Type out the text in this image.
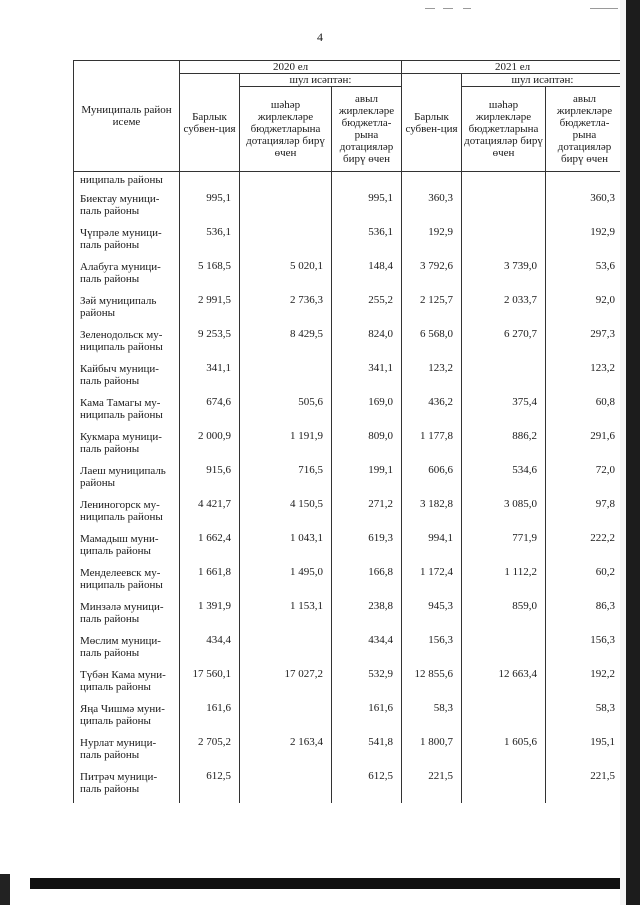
4
Муниципаль район исеме	2020 ел			2021 ел		
	Барлык субвен-ция	шул исәптән:		Барлык субвен-ция	шул исәптән:	
		шәһәр жирлекләре бюджетларына дотацияләр бирү өчен	авыл жирлекләре бюджетла-рына дотацияләр бирү өчен		шәһәр жирлекләре бюджетларына дотацияләр бирү өчен	авыл жирлекләре бюджетла-рына дотацияләр бирү өчен
ниципаль районы						
Биектау муници-паль районы	995,1		995,1	360,3		360,3
Чүпрәле муници-паль районы	536,1		536,1	192,9		192,9
Алабуга муници-паль районы	5 168,5	5 020,1	148,4	3 792,6	3 739,0	53,6
Зәй муниципаль районы	2 991,5	2 736,3	255,2	2 125,7	2 033,7	92,0
Зеленодольск му-ниципаль районы	9 253,5	8 429,5	824,0	6 568,0	6 270,7	297,3
Кайбыч муници-паль районы	341,1		341,1	123,2		123,2
Кама Тамагы му-ниципаль районы	674,6	505,6	169,0	436,2	375,4	60,8
Кукмара муници-паль районы	2 000,9	1 191,9	809,0	1 177,8	886,2	291,6
Лаеш муниципаль районы	915,6	716,5	199,1	606,6	534,6	72,0
Лениногорск му-ниципаль районы	4 421,7	4 150,5	271,2	3 182,8	3 085,0	97,8
Мамадыш муни-ципаль районы	1 662,4	1 043,1	619,3	994,1	771,9	222,2
Менделеевск му-ниципаль районы	1 661,8	1 495,0	166,8	1 172,4	1 112,2	60,2
Минзәлә муници-паль районы	1 391,9	1 153,1	238,8	945,3	859,0	86,3
Мөслим муници-паль районы	434,4		434,4	156,3		156,3
Түбән Кама муни-ципаль районы	17 560,1	17 027,2	532,9	12 855,6	12 663,4	192,2
Яңа Чишмә муни-ципаль районы	161,6		161,6	58,3		58,3
Нурлат муници-паль районы	2 705,2	2 163,4	541,8	1 800,7	1 605,6	195,1
Питрәч муници-паль районы	612,5		612,5	221,5		221,5
